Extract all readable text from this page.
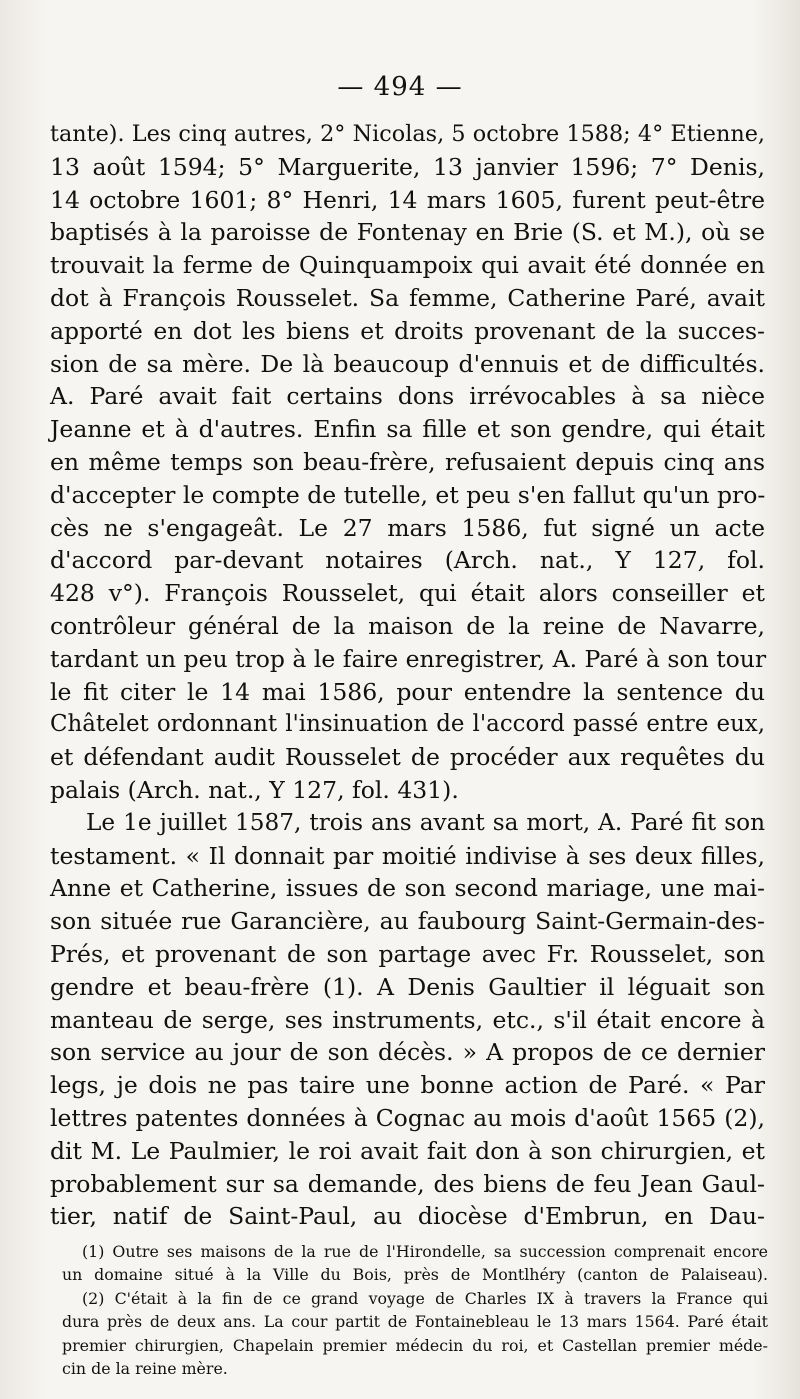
— 494 —
tante). Les cinq autres, 2° Nicolas, 5 octobre 1588; 4° Etienne,
13 août 1594; 5° Marguerite, 13 janvier 1596; 7° Denis,
14 octobre 1601; 8° Henri, 14 mars 1605, furent peut-être
baptisés à la paroisse de Fontenay en Brie (S. et M.), où se
trouvait la ferme de Quinquampoix qui avait été donnée en
dot à François Rousselet. Sa femme, Catherine Paré, avait
apporté en dot les biens et droits provenant de la succes-
sion de sa mère. De là beaucoup d'ennuis et de difficultés.
A. Paré avait fait certains dons irrévocables à sa nièce
Jeanne et à d'autres. Enfin sa fille et son gendre, qui était
en même temps son beau-frère, refusaient depuis cinq ans
d'accepter le compte de tutelle, et peu s'en fallut qu'un pro-
cès ne s'engageât. Le 27 mars 1586, fut signé un acte
d'accord par-devant notaires (Arch. nat., Y 127, fol.
428 v°). François Rousselet, qui était alors conseiller et
contrôleur général de la maison de la reine de Navarre,
tardant un peu trop à le faire enregistrer, A. Paré à son tour
le fit citer le 14 mai 1586, pour entendre la sentence du
Châtelet ordonnant l'insinuation de l'accord passé entre eux,
et défendant audit Rousselet de procéder aux requêtes du
palais (Arch. nat., Y 127, fol. 431).
Le 1e juillet 1587, trois ans avant sa mort, A. Paré fit son
testament. « Il donnait par moitié indivise à ses deux filles,
Anne et Catherine, issues de son second mariage, une mai-
son située rue Garancière, au faubourg Saint-Germain-des-
Prés, et provenant de son partage avec Fr. Rousselet, son
gendre et beau-frère (1). A Denis Gaultier il léguait son
manteau de serge, ses instruments, etc., s'il était encore à
son service au jour de son décès. » A propos de ce dernier
legs, je dois ne pas taire une bonne action de Paré. « Par
lettres patentes données à Cognac au mois d'août 1565 (2),
dit M. Le Paulmier, le roi avait fait don à son chirurgien, et
probablement sur sa demande, des biens de feu Jean Gaul-
tier, natif de Saint-Paul, au diocèse d'Embrun, en Dau-
(1) Outre ses maisons de la rue de l'Hirondelle, sa succession comprenait encore
un domaine situé à la Ville du Bois, près de Montlhéry (canton de Palaiseau).
(2) C'était à la fin de ce grand voyage de Charles IX à travers la France qui
dura près de deux ans. La cour partit de Fontainebleau le 13 mars 1564. Paré était
premier chirurgien, Chapelain premier médecin du roi, et Castellan premier méde-
cin de la reine mère.
